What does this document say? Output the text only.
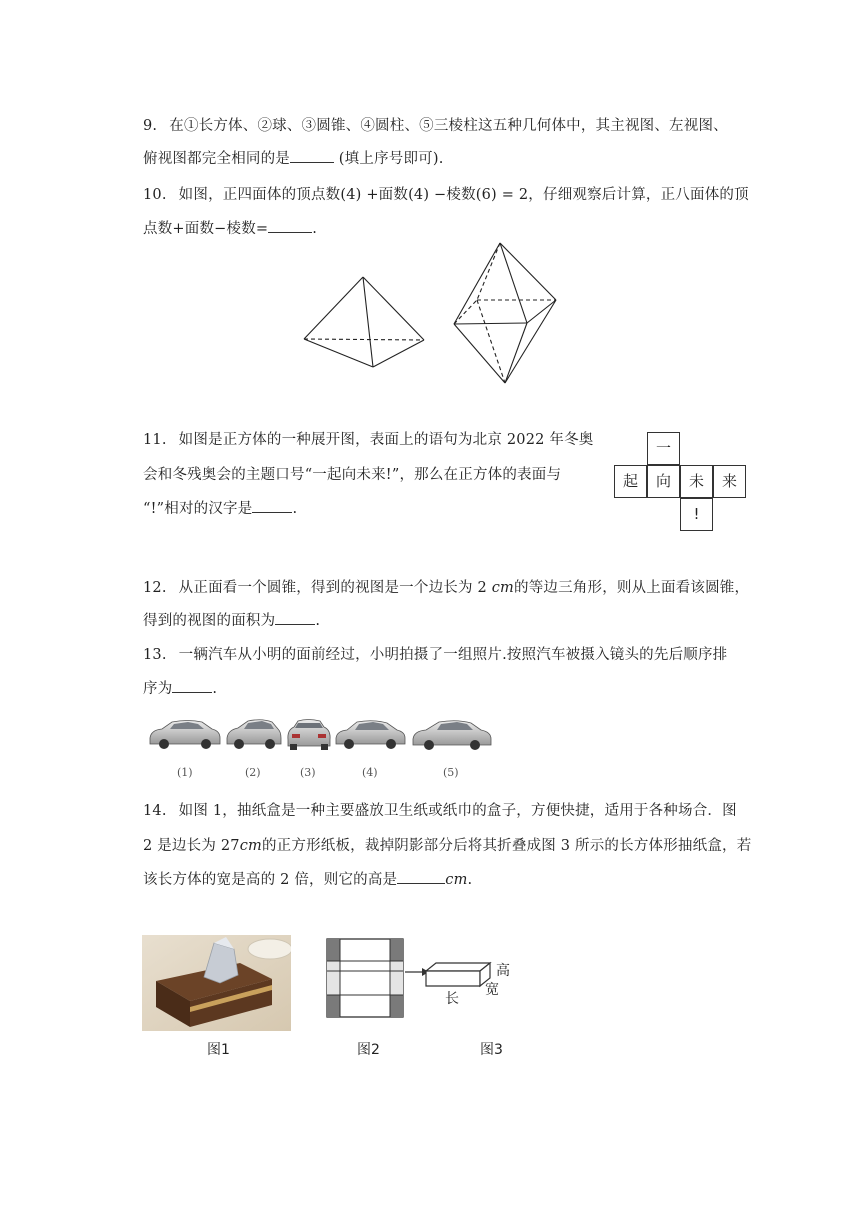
9. 在①长方体、②球、③圆锥、④圆柱、⑤三棱柱这五种几何体中，其主视图、左视图、
俯视图都完全相同的是	(填上序号即可).
10. 如图，正四面体的顶点数(4) +面数(4) −棱数(6) = 2，仔细观察后计算，正八面体的顶
点数+面数−棱数=	.
11. 如图是正方体的一种展开图，表面上的语句为北京 2022 年冬奥
会和冬残奥会的主题口号“一起向未来!”，那么在正方体的表面与
“!”相对的汉字是	.
一
起	向	未	来
!
12. 从正面看一个圆锥，得到的视图是一个边长为 2 cm的等边三角形，则从上面看该圆锥，
得到的视图的面积为	.
13. 一辆汽车从小明的面前经过，小明拍摄了一组照片.按照汽车被摄入镜头的先后顺序排
序为	.
(1)	(2)	(3)	(4)	(5)
14. 如图 1，抽纸盒是一种主要盛放卫生纸或纸巾的盒子，方便快捷，适用于各种场合．图
2 是边长为 27cm的正方形纸板，裁掉阴影部分后将其折叠成图 3 所示的长方体形抽纸盒，若
该长方体的宽是高的 2 倍，则它的高是	cm.
图1	图2
高
宽
长
图3
